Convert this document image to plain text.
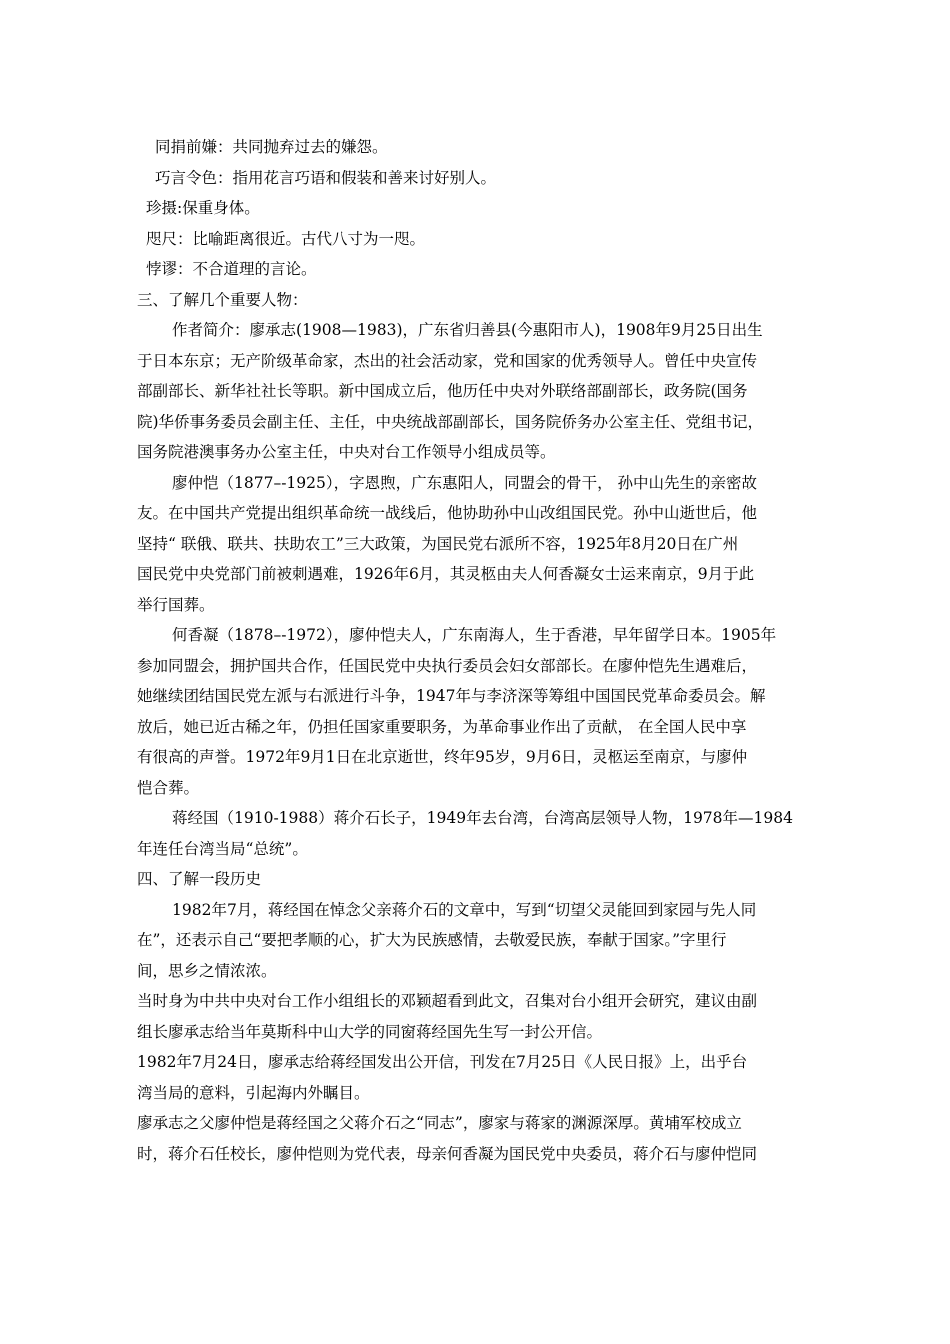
同捐前嫌：共同抛弃过去的嫌怨。
巧言令色：指用花言巧语和假装和善来讨好别人。
珍摄:保重身体。
咫尺：比喻距离很近。古代八寸为一咫。
悖谬：不合道理的言论。
三、了解几个重要人物：
作者简介：廖承志(1908—1983)，广东省归善县(今惠阳市人)，1908年9月25日出生
于日本东京；无产阶级革命家，杰出的社会活动家，党和国家的优秀领导人。曾任中央宣传
部副部长、新华社社长等职。新中国成立后，他历任中央对外联络部副部长，政务院(国务
院)华侨事务委员会副主任、主任，中央统战部副部长，国务院侨务办公室主任、党组书记，
国务院港澳事务办公室主任，中央对台工作领导小组成员等。
廖仲恺（1877–-1925），字恩煦，广东惠阳人，同盟会的骨干， 孙中山先生的亲密故
友。在中国共产党提出组织革命统一战线后，他协助孙中山改组国民党。孙中山逝世后，他
坚持“ 联俄、联共、扶助农工”三大政策，为国民党右派所不容，1925年8月20日在广州
国民党中央党部门前被刺遇难，1926年6月，其灵柩由夫人何香凝女士运来南京，9月于此
举行国葬。
何香凝（1878–-1972），廖仲恺夫人，广东南海人，生于香港，早年留学日本。1905年
参加同盟会，拥护国共合作，任国民党中央执行委员会妇女部部长。在廖仲恺先生遇难后，
她继续团结国民党左派与右派进行斗争，1947年与李济深等筹组中国国民党革命委员会。解
放后，她已近古稀之年，仍担任国家重要职务，为革命事业作出了贡献， 在全国人民中享
有很高的声誉。1972年9月1日在北京逝世，终年95岁，9月6日，灵柩运至南京，与廖仲
恺合葬。
蒋经国（1910-1988）蒋介石长子，1949年去台湾，台湾高层领导人物，1978年—1984
年连任台湾当局“总统”。
四、了解一段历史
1982年7月，蒋经国在悼念父亲蒋介石的文章中，写到“切望父灵能回到家园与先人同
在”，还表示自己“要把孝顺的心，扩大为民族感情，去敬爱民族，奉献于国家。”字里行
间，思乡之情浓浓。
当时身为中共中央对台工作小组组长的邓颖超看到此文，召集对台小组开会研究，建议由副
组长廖承志给当年莫斯科中山大学的同窗蒋经国先生写一封公开信。
1982年7月24日，廖承志给蒋经国发出公开信，刊发在7月25日《人民日报》上，出乎台
湾当局的意料，引起海内外瞩目。
廖承志之父廖仲恺是蒋经国之父蒋介石之“同志”，廖家与蒋家的渊源深厚。黄埔军校成立
时，蒋介石任校长，廖仲恺则为党代表，母亲何香凝为国民党中央委员，蒋介石与廖仲恺同
